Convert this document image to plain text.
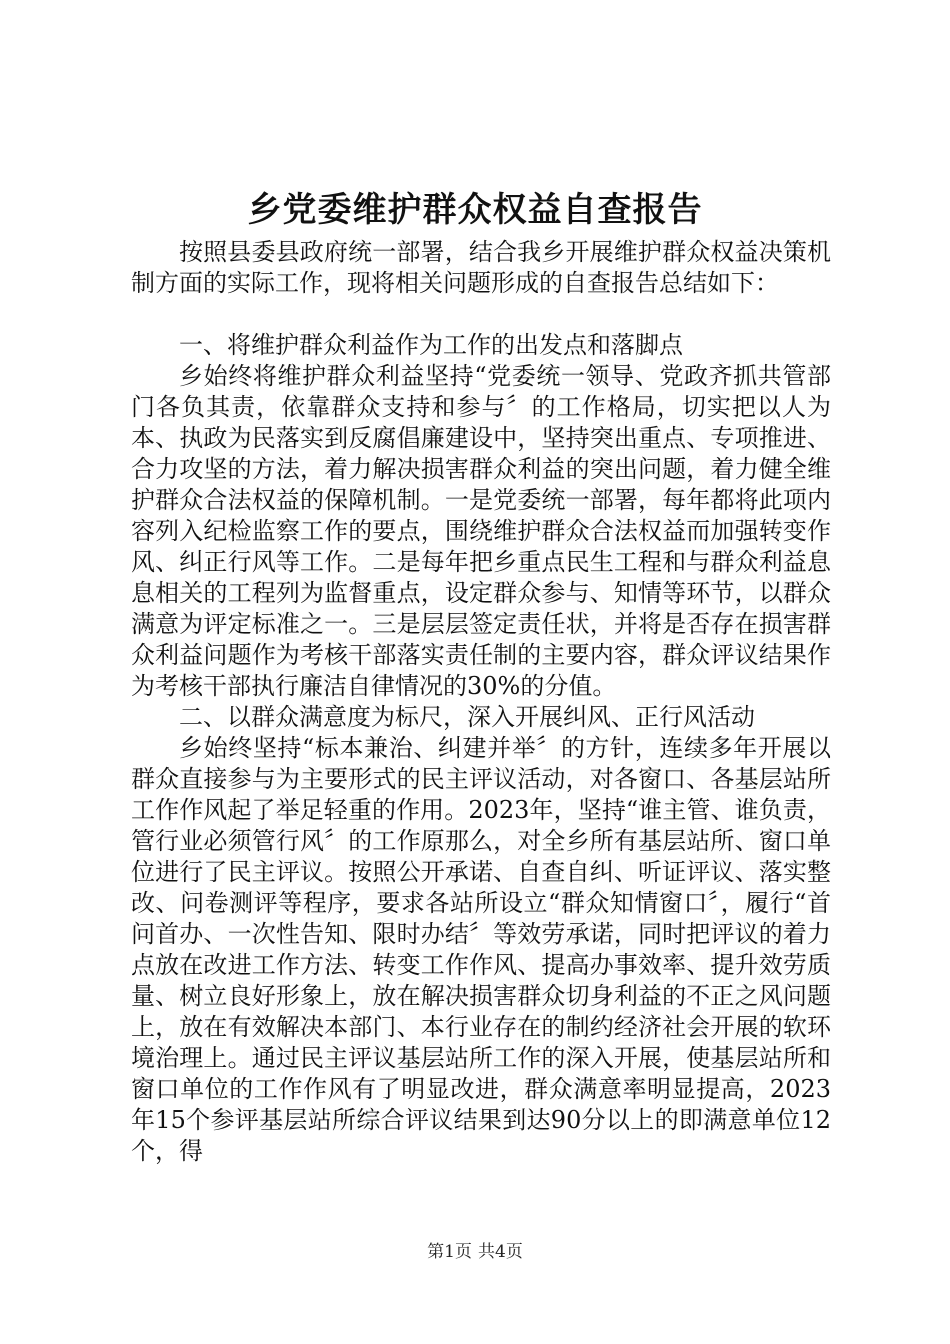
乡党委维护群众权益自查报告

按照县委县政府统一部署，结合我乡开展维护群众权益决策机制方面的实际工作，现将相关问题形成的自查报告总结如下：

一、将维护群众利益作为工作的出发点和落脚点

乡始终将维护群众利益坚持“党委统一领导、党政齐抓共管部门各负其责，依靠群众支持和参与〞的工作格局，切实把以人为本、执政为民落实到反腐倡廉建设中，坚持突出重点、专项推进、合力攻坚的方法，着力解决损害群众利益的突出问题，着力健全维护群众合法权益的保障机制。一是党委统一部署，每年都将此项内容列入纪检监察工作的要点，围绕维护群众合法权益而加强转变作风、纠正行风等工作。二是每年把乡重点民生工程和与群众利益息息相关的工程列为监督重点，设定群众参与、知情等环节，以群众满意为评定标准之一。三是层层签定责任状，并将是否存在损害群众利益问题作为考核干部落实责任制的主要内容，群众评议结果作为考核干部执行廉洁自律情况的30%的分值。

二、以群众满意度为标尺，深入开展纠风、正行风活动

乡始终坚持“标本兼治、纠建并举〞的方针，连续多年开展以群众直接参与为主要形式的民主评议活动，对各窗口、各基层站所工作作风起了举足轻重的作用。2023年，坚持“谁主管、谁负责，管行业必须管行风〞的工作原那么，对全乡所有基层站所、窗口单位进行了民主评议。按照公开承诺、自查自纠、听证评议、落实整改、问卷测评等程序，要求各站所设立“群众知情窗口〞，履行“首问首办、一次性告知、限时办结〞等效劳承诺，同时把评议的着力点放在改进工作方法、转变工作作风、提高办事效率、提升效劳质量、树立良好形象上，放在解决损害群众切身利益的不正之风问题上，放在有效解决本部门、本行业存在的制约经济社会开展的软环境治理上。通过民主评议基层站所工作的深入开展，使基层站所和窗口单位的工作作风有了明显改进，群众满意率明显提高，2023年15个参评基层站所综合评议结果到达90分以上的即满意单位12个，得

第1页 共4页
